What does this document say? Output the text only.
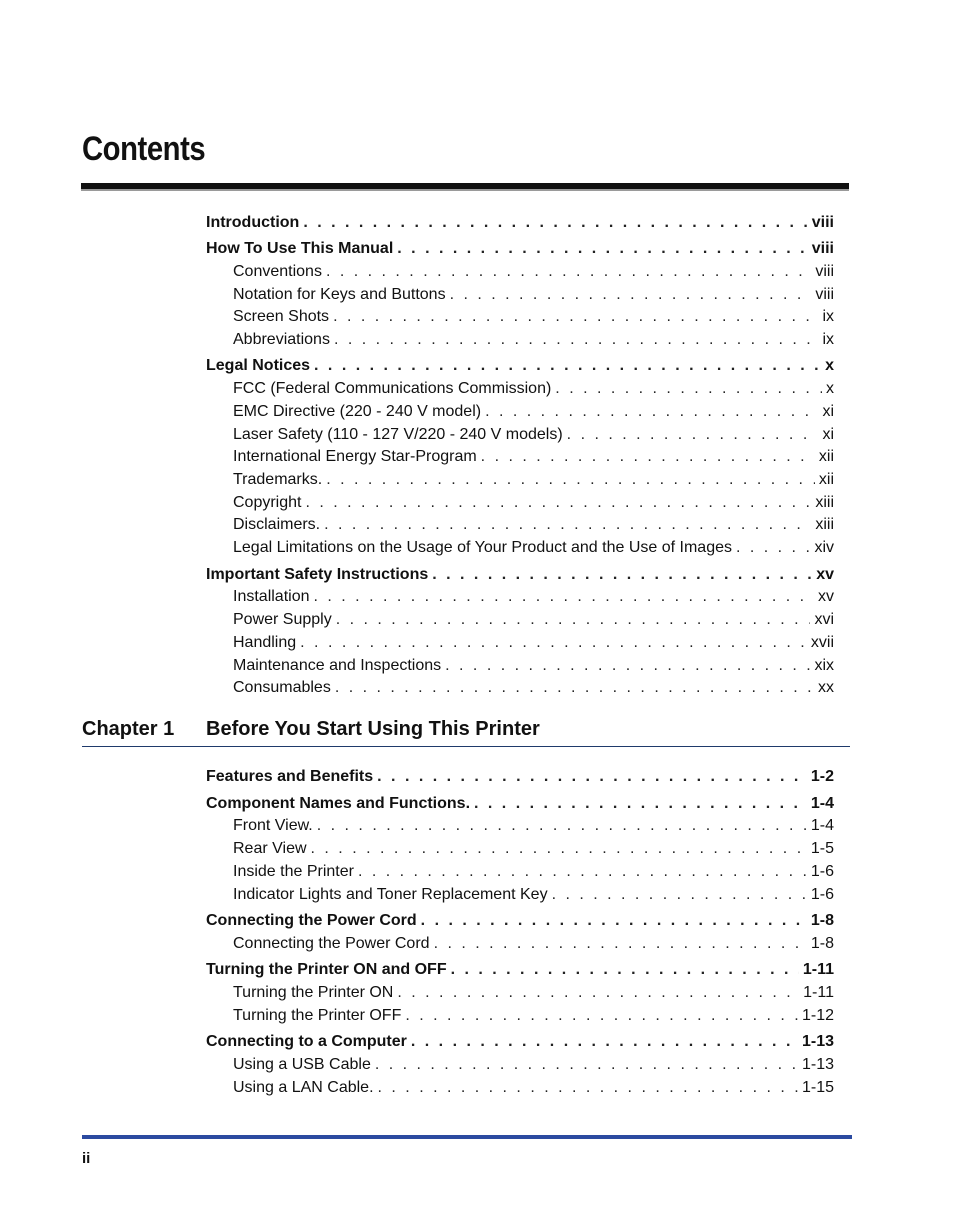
Contents
Introduction . . .	viii
How To Use This Manual . . .	viii
Conventions . . .	viii
Notation for Keys and Buttons . . .	viii
Screen Shots . . .	ix
Abbreviations . . .	ix
Legal Notices . . .	x
FCC (Federal Communications Commission) . . .	x
EMC Directive (220 - 240 V model) . . .	xi
Laser Safety (110 - 127 V/220 - 240 V models) . . .	xi
International Energy Star-Program . . .	xii
Trademarks. . . .	xii
Copyright . . .	xiii
Disclaimers. . . .	xiii
Legal Limitations on the Usage of Your Product and the Use of Images . . .	xiv
Important Safety Instructions . . .	xv
Installation . . .	xv
Power Supply . . .	xvi
Handling . . .	xvii
Maintenance and Inspections . . .	xix
Consumables . . .	xx
Chapter 1 Before You Start Using This Printer
Features and Benefits . . .	1-2
Component Names and Functions. . . .	1-4
Front View. . . .	1-4
Rear View . . .	1-5
Inside the Printer . . .	1-6
Indicator Lights and Toner Replacement Key . . .	1-6
Connecting the Power Cord . . .	1-8
Connecting the Power Cord . . .	1-8
Turning the Printer ON and OFF . . .	1-11
Turning the Printer ON . . .	1-11
Turning the Printer OFF . . .	1-12
Connecting to a Computer . . .	1-13
Using a USB Cable . . .	1-13
Using a LAN Cable. . . .	1-15
ii
